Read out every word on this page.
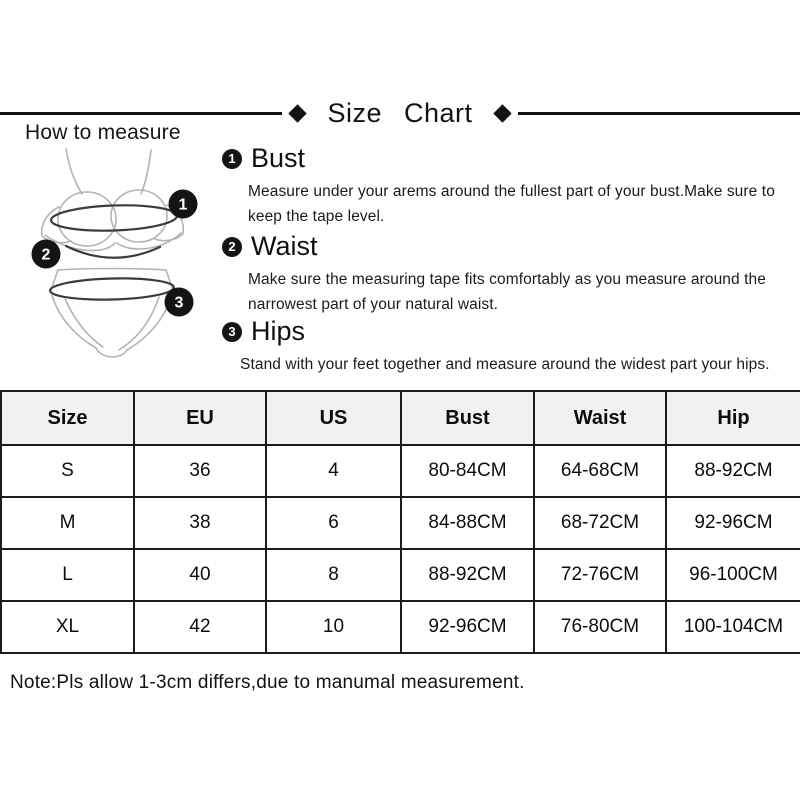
Size Chart
How to measure
1
2
3
1 Bust
Measure under your arems around the fullest part of your bust.Make sure to keep the tape level.
2 Waist
Make sure the measuring tape fits comfortably as you measure around the narrowest part of your natural waist.
3 Hips
Stand with your feet together and measure around the widest part your hips.
Size	EU	US	Bust	Waist	Hip
S	36	4	80-84CM	64-68CM	88-92CM
M	38	6	84-88CM	68-72CM	92-96CM
L	40	8	88-92CM	72-76CM	96-100CM
XL	42	10	92-96CM	76-80CM	100-104CM
Note:Pls allow 1-3cm differs,due to manumal measurement.
